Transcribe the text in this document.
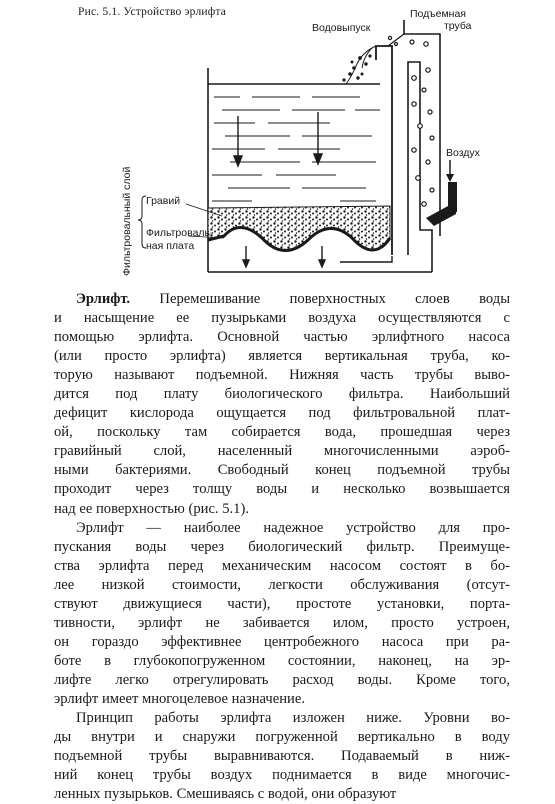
Рис. 5.1. Устройство эрлифта
Водовыпуск
Подъемная
труба
Воздух
Гравий
Фильтроваль-
ная плата
Фильтровальный слой

Эрлифт. Перемешивание поверхностных слоев воды
и насыщение ее пузырьками воздуха осуществляются с
помощью эрлифта. Основной частью эрлифтного насоса
(или просто эрлифта) является вертикальная труба, ко-
торую называют подъемной. Нижняя часть трубы выво-
дится под плату биологического фильтра. Наибольший
дефицит кислорода ощущается под фильтровальной плат-
ой, поскольку там собирается вода, прошедшая через
гравийный слой, населенный многочисленными аэроб-
ными бактериями. Свободный конец подъемной трубы
проходит через толщу воды и несколько возвышается
над ее поверхностью (рис. 5.1).

Эрлифт — наиболее надежное устройство для про-
пускания воды через биологический фильтр. Преимуще-
ства эрлифта перед механическим насосом состоят в бо-
лее низкой стоимости, легкости обслуживания (отсут-
ствуют движущиеся части), простоте установки, порта-
тивности, эрлифт не забивается илом, просто устроен,
он гораздо эффективнее центробежного насоса при ра-
боте в глубокопогруженном состоянии, наконец, на эр-
лифте легко отрегулировать расход воды. Кроме того,
эрлифт имеет многоцелевое назначение.

Принцип работы эрлифта изложен ниже. Уровни во-
ды внутри и снаружи погруженной вертикально в воду
подъемной трубы выравниваются. Подаваемый в ниж-
ний конец трубы воздух поднимается в виде многочис-
ленных пузырьков. Смешиваясь с водой, они образуют
